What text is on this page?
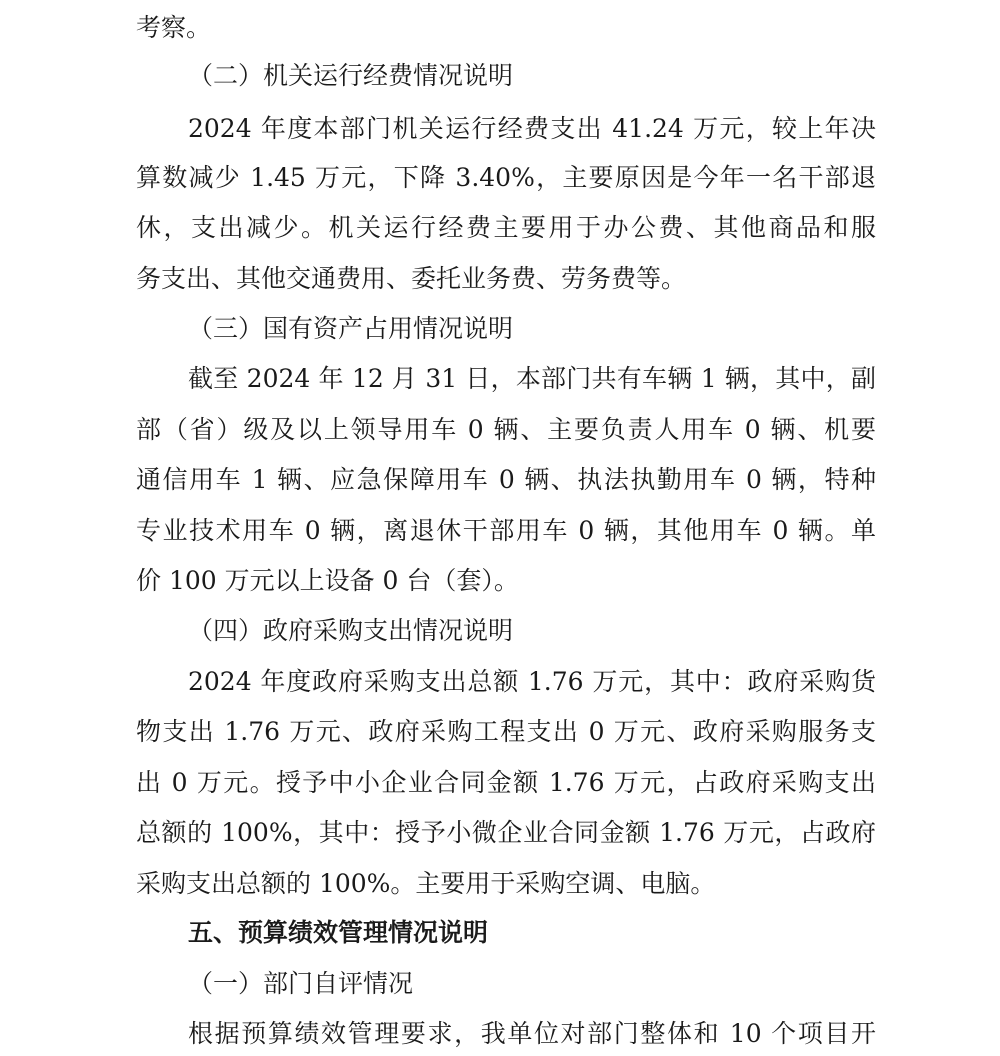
考察。
（二）机关运行经费情况说明
2024 年度本部门机关运行经费支出 41.24 万元，较上年决
算数减少 1.45 万元，下降 3.40%，主要原因是今年一名干部退
休，支出减少。机关运行经费主要用于办公费、其他商品和服
务支出、其他交通费用、委托业务费、劳务费等。
（三）国有资产占用情况说明
截至 2024 年 12 月 31 日，本部门共有车辆 1 辆，其中，副
部（省）级及以上领导用车 0 辆、主要负责人用车 0 辆、机要
通信用车 1 辆、应急保障用车 0 辆、执法执勤用车 0 辆，特种
专业技术用车 0 辆，离退休干部用车 0 辆，其他用车 0 辆。单
价 100 万元以上设备 0 台（套）。
（四）政府采购支出情况说明
2024 年度政府采购支出总额 1.76 万元，其中：政府采购货
物支出 1.76 万元、政府采购工程支出 0 万元、政府采购服务支
出 0 万元。授予中小企业合同金额 1.76 万元，占政府采购支出
总额的 100%，其中：授予小微企业合同金额 1.76 万元，占政府
采购支出总额的 100%。主要用于采购空调、电脑。
五、预算绩效管理情况说明
（一）部门自评情况
根据预算绩效管理要求，我单位对部门整体和 10 个项目开
